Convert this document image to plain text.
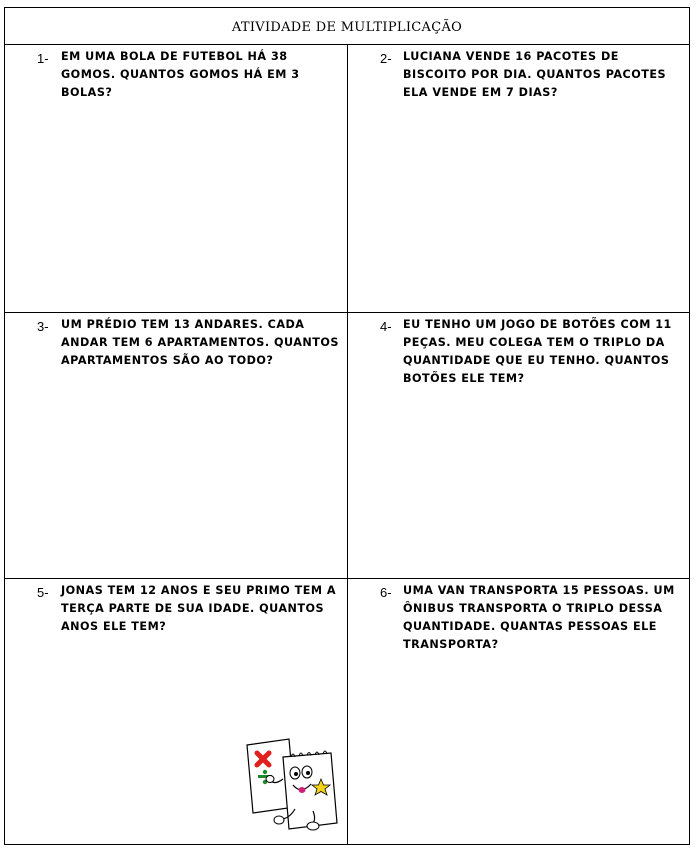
ATIVIDADE DE MULTIPLICAÇÃO
1- EM UMA BOLA DE FUTEBOL HÁ 38 GOMOS. QUANTOS GOMOS HÁ EM 3 BOLAS?
2- LUCIANA VENDE 16 PACOTES DE BISCOITO POR DIA. QUANTOS PACOTES ELA VENDE EM 7 DIAS?
3- UM PRÉDIO TEM 13 ANDARES. CADA ANDAR TEM 6 APARTAMENTOS. QUANTOS APARTAMENTOS SÃO AO TODO?
4- EU TENHO UM JOGO DE BOTÕES COM 11 PEÇAS. MEU COLEGA TEM O TRIPLO DA QUANTIDADE QUE EU TENHO. QUANTOS BOTÕES ELE TEM?
5- JONAS TEM 12 ANOS E SEU PRIMO TEM A TERÇA PARTE DE SUA IDADE. QUANTOS ANOS ELE TEM?
6- UMA VAN TRANSPORTA 15 PESSOAS. UM ÔNIBUS TRANSPORTA O TRIPLO DESSA QUANTIDADE. QUANTAS PESSOAS ELE TRANSPORTA?
